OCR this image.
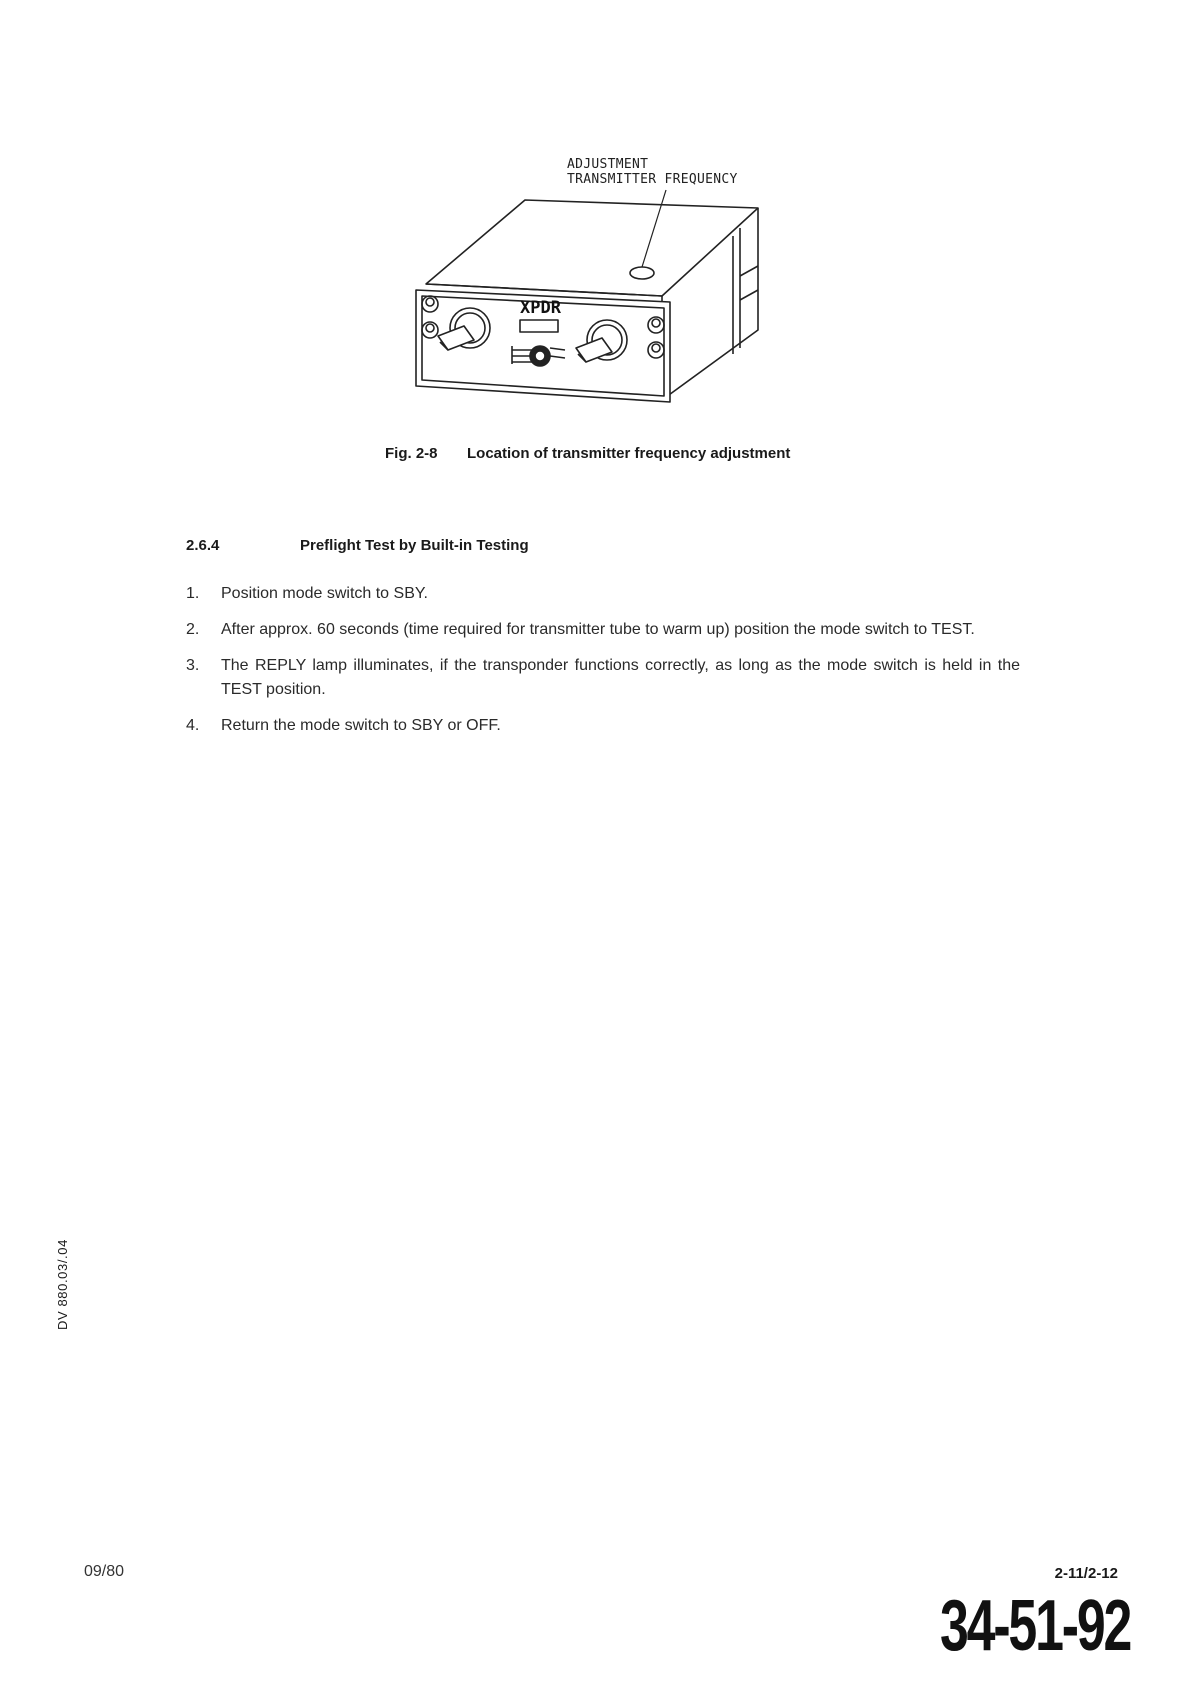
XPDR
ADJUSTMENT
TRANSMITTER FREQUENCY
Fig. 2-8 Location of transmitter frequency adjustment
2.6.4	Preflight Test by Built-in Testing
1. Position mode switch to SBY.
2. After approx. 60 seconds (time required for transmitter tube to warm up) position the mode switch to TEST.
3. The REPLY lamp illuminates, if the transponder functions correctly, as long as the mode switch is held in the TEST position.
4. Return the mode switch to SBY or OFF.
DV 880.03/.04
09/80	2-11/2-12
34-51-92
